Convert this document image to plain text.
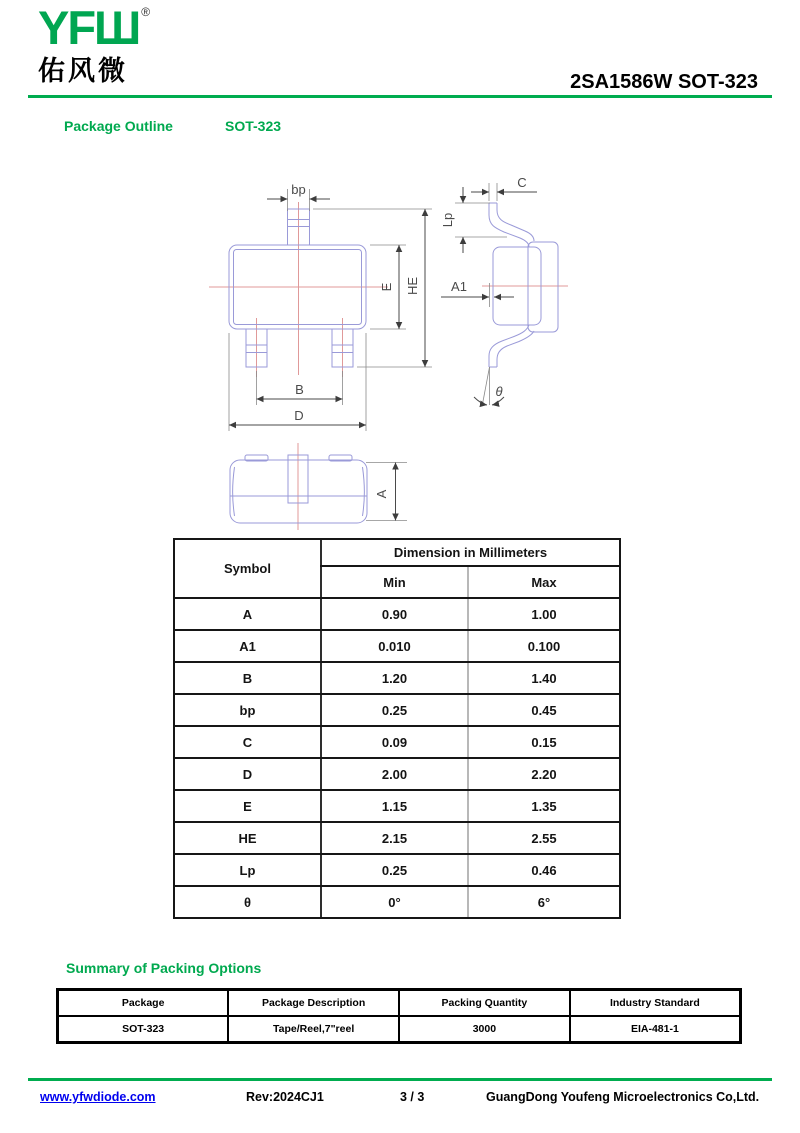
YFШ ®
佑风微	2SA1586W SOT-323
Package Outline	SOT-323
bp
E HE
B
D
C
Lp
A1
θ
A
Symbol	Dimension in Millimeters	
	Min	Max
A	0.90	1.00
A1	0.010	0.100
B	1.20	1.40
bp	0.25	0.45
C	0.09	0.15
D	2.00	2.20
E	1.15	1.35
HE	2.15	2.55
Lp	0.25	0.46
θ	0°	6°
Summary of Packing Options
Package	Package Description	Packing Quantity	Industry Standard
SOT-323	Tape/Reel,7"reel	3000	EIA-481-1
www.yfwdiode.com	Rev:2024CJ1	3 / 3	GuangDong Youfeng Microelectronics Co,Ltd.
